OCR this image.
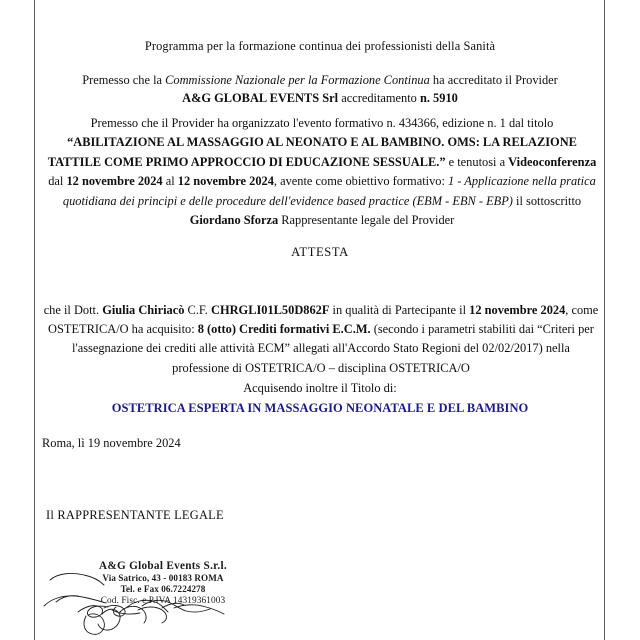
Programma per la formazione continua dei professionisti della Sanità
Premesso che la Commissione Nazionale per la Formazione Continua ha accreditato il Provider
A&G GLOBAL EVENTS Srl accreditamento n. 5910
Premesso che il Provider ha organizzato l'evento formativo n. 434366, edizione n. 1 dal titolo “ABILITAZIONE AL MASSAGGIO AL NEONATO E AL BAMBINO. OMS: LA RELAZIONE TATTILE COME PRIMO APPROCCIO DI EDUCAZIONE SESSUALE.” e tenutosi a Videoconferenza dal 12 novembre 2024 al 12 novembre 2024, avente come obiettivo formativo: 1 - Applicazione nella pratica quotidiana dei principi e delle procedure dell'evidence based practice (EBM - EBN - EBP) il sottoscritto Giordano Sforza Rappresentante legale del Provider
ATTESTA
che il Dott. Giulia Chiriacò C.F. CHRGLI01L50D862F in qualità di Partecipante il 12 novembre 2024, come OSTETRICA/O ha acquisito: 8 (otto) Crediti formativi E.C.M. (secondo i parametri stabiliti dai “Criteri per l'assegnazione dei crediti alle attività ECM” allegati all'Accordo Stato Regioni del 02/02/2017) nella professione di OSTETRICA/O – disciplina OSTETRICA/O
Acquisendo inoltre il Titolo di:
OSTETRICA ESPERTA IN MASSAGGIO NEONATALE E DEL BAMBINO
Roma, lì 19 novembre 2024
Il RAPPRESENTANTE LEGALE
A&G Global Events S.r.l.
Via Satrico, 43 - 00183 ROMA
Tel. e Fax 06.7224278
Cod. Fisc. e P.IVA 14319361003
